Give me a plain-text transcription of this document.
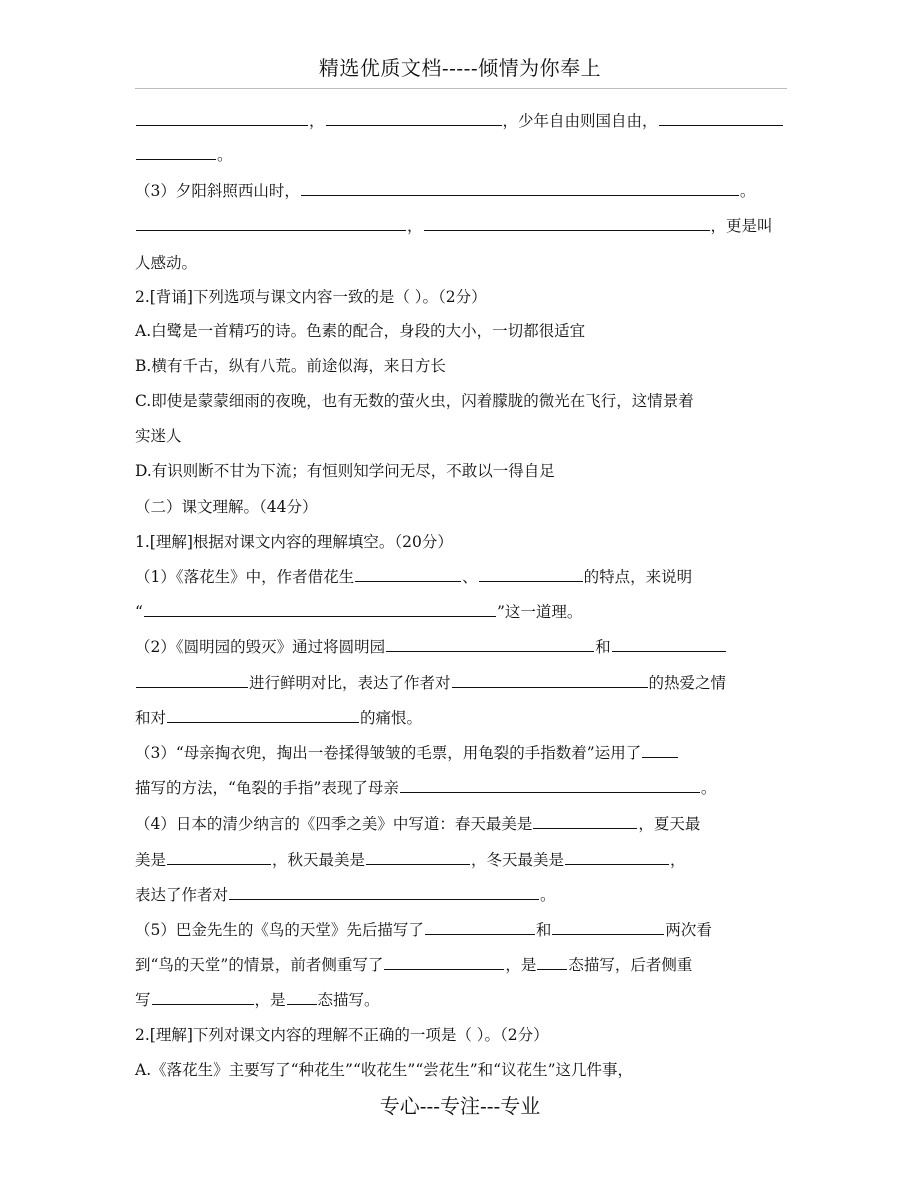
精选优质文档-----倾情为你奉上
，	，少年自由则国自由，
。
（3）夕阳斜照西山时，	。
，	，更是叫
人感动。
2.[背诵]下列选项与课文内容一致的是（ ）。（2分）
A.白鹭是一首精巧的诗。色素的配合，身段的大小，一切都很适宜
B.横有千古，纵有八荒。前途似海，来日方长
C.即使是蒙蒙细雨的夜晚，也有无数的萤火虫，闪着朦胧的微光在飞行，这情景着
实迷人
D.有识则断不甘为下流；有恒则知学问无尽，不敢以一得自足
（二）课文理解。（44分）
1.[理解]根据对课文内容的理解填空。（20分）
（1）《落花生》中，作者借花生	、	的特点，来说明
“	”这一道理。
（2）《圆明园的毁灭》通过将圆明园	和
进行鲜明对比，表达了作者对	的热爱之情
和对	的痛恨。
（3）“母亲掏衣兜，掏出一卷揉得皱皱的毛票，用龟裂的手指数着”运用了
描写的方法，“龟裂的手指”表现了母亲	。
（4）日本的清少纳言的《四季之美》中写道：春天最美是	，夏天最
美是	，秋天最美是	，冬天最美是	，
表达了作者对	。
（5）巴金先生的《鸟的天堂》先后描写了	和	两次看
到“鸟的天堂”的情景，前者侧重写了	，是 态描写，后者侧重
写	，是 态描写。
2.[理解]下列对课文内容的理解不正确的一项是（ ）。（2分）
A.《落花生》主要写了“种花生”“收花生”“尝花生”和“议花生”这几件事，
专心---专注---专业
